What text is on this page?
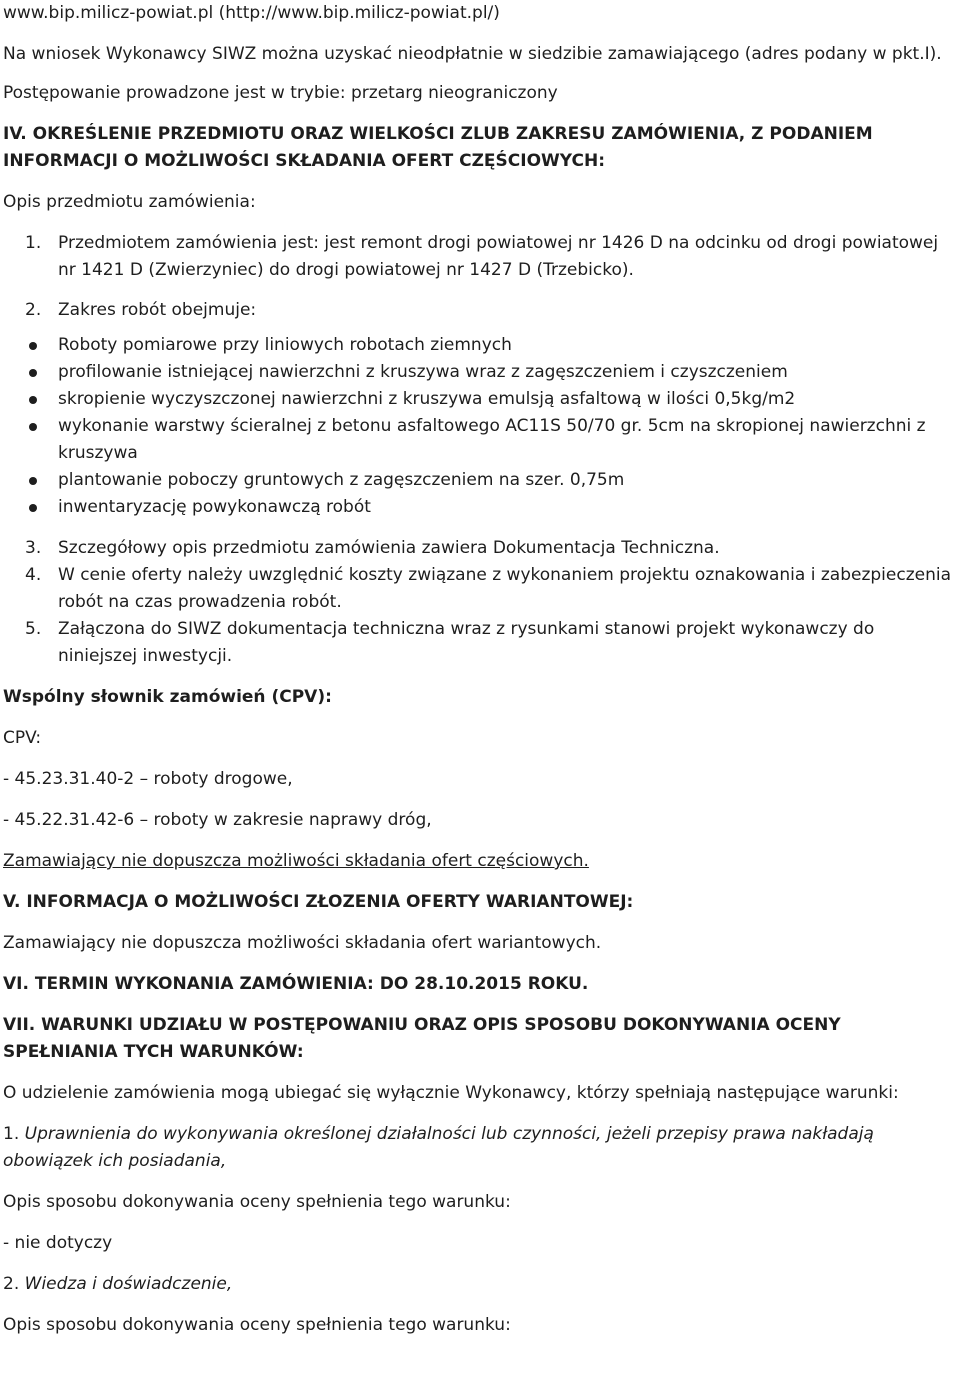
www.bip.milicz-powiat.pl (http://www.bip.milicz-powiat.pl/)

Na wniosek Wykonawcy SIWZ można uzyskać nieodpłatnie w siedzibie zamawiającego (adres podany w pkt.I).

Postępowanie prowadzone jest w trybie: przetarg nieograniczony

IV. OKREŚLENIE PRZEDMIOTU ORAZ WIELKOŚCI ZLUB ZAKRESU ZAMÓWIENIA, Z PODANIEM INFORMACJI O MOŻLIWOŚCI SKŁADANIA OFERT CZĘŚCIOWYCH:

Opis przedmiotu zamówienia:

1. Przedmiotem zamówienia jest: jest remont drogi powiatowej nr 1426 D na odcinku od drogi powiatowej nr 1421 D (Zwierzyniec) do drogi powiatowej nr 1427 D (Trzebicko).
2. Zakres robót obejmuje:
Roboty pomiarowe przy liniowych robotach ziemnych
profilowanie istniejącej nawierzchni z kruszywa wraz z zagęszczeniem i czyszczeniem
skropienie wyczyszczonej nawierzchni z kruszywa emulsją asfaltową w ilości 0,5kg/m2
wykonanie warstwy ścieralnej z betonu asfaltowego AC11S 50/70 gr. 5cm na skropionej nawierzchni z kruszywa
plantowanie poboczy gruntowych z zagęszczeniem na szer. 0,75m
inwentaryzację powykonawczą robót
3. Szczegółowy opis przedmiotu zamówienia zawiera Dokumentacja Techniczna.
4. W cenie oferty należy uwzględnić koszty związane z wykonaniem projektu oznakowania i zabezpieczenia robót na czas prowadzenia robót.
5. Załączona do SIWZ dokumentacja techniczna wraz z rysunkami stanowi projekt wykonawczy do niniejszej inwestycji.

Wspólny słownik zamówień (CPV):

CPV:

- 45.23.31.40-2 – roboty drogowe,

- 45.22.31.42-6 – roboty w zakresie naprawy dróg,

Zamawiający nie dopuszcza możliwości składania ofert częściowych.

V. INFORMACJA O MOŻLIWOŚCI ZŁOZENIA OFERTY WARIANTOWEJ:

Zamawiający nie dopuszcza możliwości składania ofert wariantowych.

VI. TERMIN WYKONANIA ZAMÓWIENIA: DO 28.10.2015 ROKU.

VII. WARUNKI UDZIAŁU W POSTĘPOWANIU ORAZ OPIS SPOSOBU DOKONYWANIA OCENY SPEŁNIANIA TYCH WARUNKÓW:

O udzielenie zamówienia mogą ubiegać się wyłącznie Wykonawcy, którzy spełniają następujące warunki:

1. Uprawnienia do wykonywania określonej działalności lub czynności, jeżeli przepisy prawa nakładają obowiązek ich posiadania,

Opis sposobu dokonywania oceny spełnienia tego warunku:

- nie dotyczy

2. Wiedza i doświadczenie,

Opis sposobu dokonywania oceny spełnienia tego warunku:
